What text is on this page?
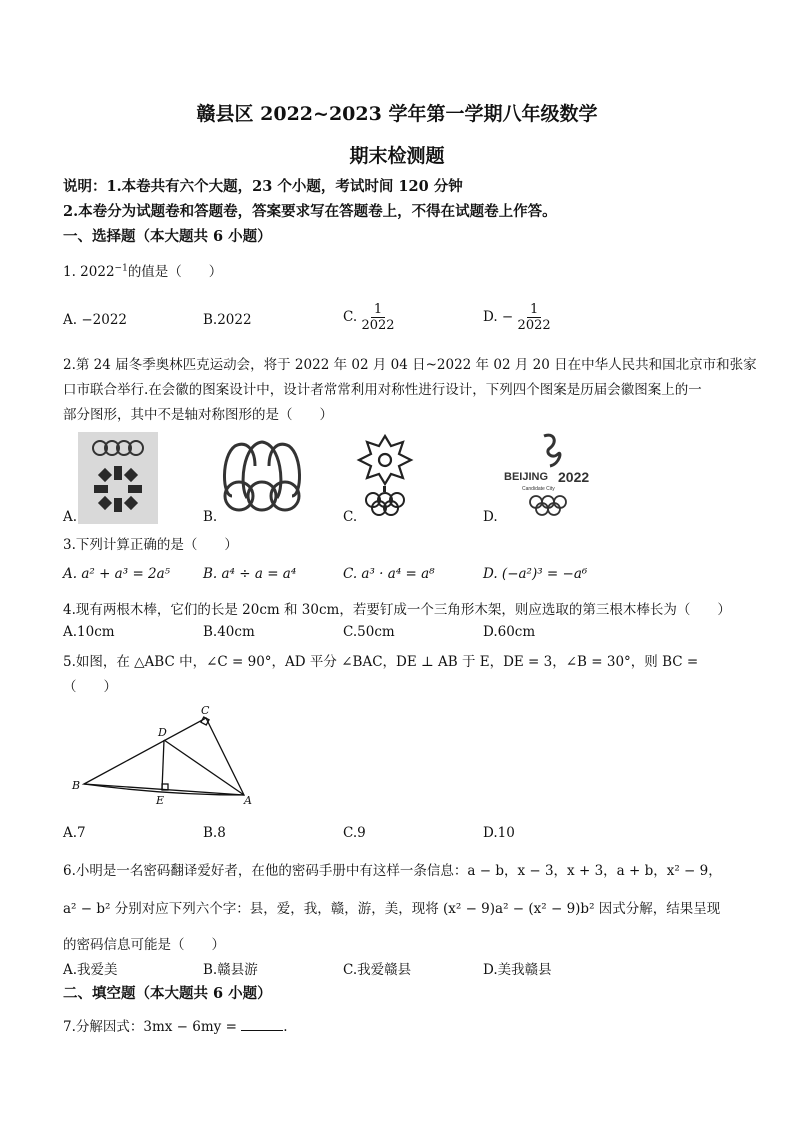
赣县区 2022~2023 学年第一学期八年级数学
期末检测题
说明：1.本卷共有六个大题，23 个小题，考试时间 120 分钟
2.本卷分为试题卷和答题卷，答案要求写在答题卷上，不得在试题卷上作答。
一、选择题（本大题共 6 小题）
1. $2022^{-1}$的值是（　　）
A. −2022	B.2022	C. $\frac{1}{2022}$	D. − $\frac{1}{2022}$
2.第 24 届冬季奥林匹克运动会，将于 2022 年 02 月 04 日~2022 年 02 月 20 日在中华人民共和国北京市和张家
口市联合举行.在会徽的图案设计中，设计者常常利用对称性进行设计，下列四个图案是历届会徽图案上的一
部分图形，其中不是轴对称图形的是（　　）
BEIJING 2022
Candidate City
A.	B.	C.	D.
3.下列计算正确的是（　　）
A. a² + a³ = 2a⁵ B. a⁴ ÷ a = a⁴	C. a³ · a⁴ = a⁸	D. (−a²)³ = −a⁶
4.现有两根木棒，它们的长是 20cm 和 30cm，若要钉成一个三角形木架，则应选取的第三根木棒长为（　　）
A.10cm	B.40cm	C.50cm	D.60cm
5.如图，在 △ABC 中，∠C = 90°，AD 平分 ∠BAC，DE ⊥ AB 于 E，DE = 3，∠B = 30°，则 BC =
（　　）
B
C
D
E	A
A.7	B.8	C.9	D.10
6.小明是一名密码翻译爱好者，在他的密码手册中有这样一条信息：a − b，x − 3，x + 3，a + b，x² − 9，
a² − b² 分别对应下列六个字：县，爱，我，赣，游，美，现将 (x² − 9)a² − (x² − 9)b² 因式分解，结果呈现
的密码信息可能是（　　）
A.我爱美	B.赣县游	C.我爱赣县	D.美我赣县
二、填空题（本大题共 6 小题）
7.分解因式：3mx − 6my =	.
